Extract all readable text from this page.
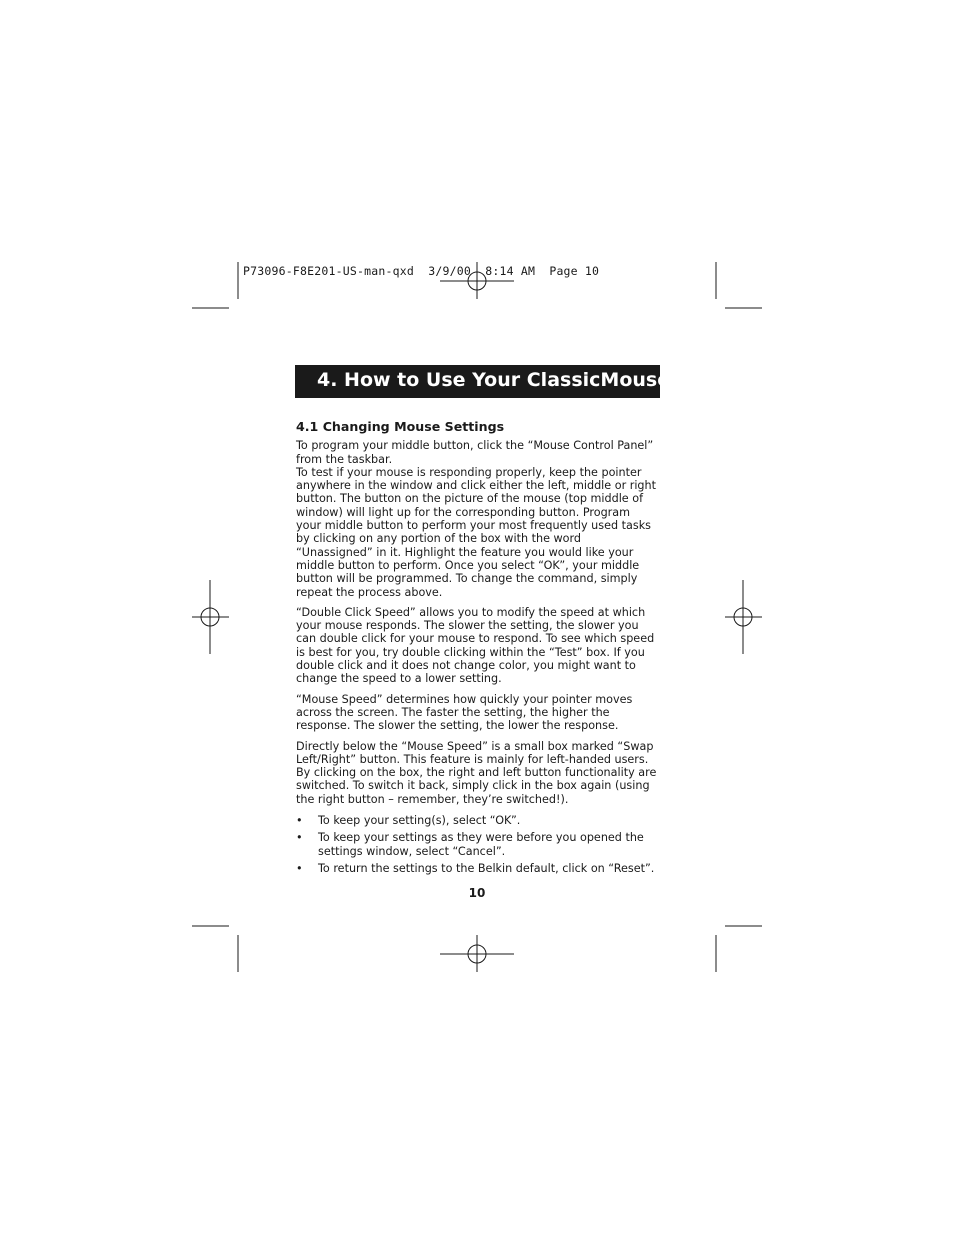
P73096-F8E201-US-man-qxd  3/9/00  8:14 AM  Page 10
4. How to Use Your ClassicMouse
4.1 Changing Mouse Settings

To program your middle button, click the “Mouse Control Panel” from the taskbar.

To test if your mouse is responding properly, keep the pointer anywhere in the window and click either the left, middle or right button. The button on the picture of the mouse (top middle of window) will light up for the corresponding button. Program your middle button to perform your most frequently used tasks by clicking on any portion of the box with the word “Unassigned” in it. Highlight the feature you would like your middle button to perform. Once you select “OK”, your middle button will be programmed. To change the command, simply repeat the process above.

“Double Click Speed” allows you to modify the speed at which your mouse responds. The slower the setting, the slower you can double click for your mouse to respond. To see which speed is best for you, try double clicking within the “Test” box. If you double click and it does not change color, you might want to change the speed to a lower setting.

“Mouse Speed” determines how quickly your pointer moves across the screen. The faster the setting, the higher the response. The slower the setting, the lower the response.

Directly below the “Mouse Speed” is a small box marked “Swap Left/Right” button. This feature is mainly for left-handed users. By clicking on the box, the right and left button functionality are switched. To switch it back, simply click in the box again (using the right button – remember, they’re switched!).

• To keep your setting(s), select “OK”.
• To keep your settings as they were before you opened the settings window, select “Cancel”.
• To return the settings to the Belkin default, click on “Reset”.
10
